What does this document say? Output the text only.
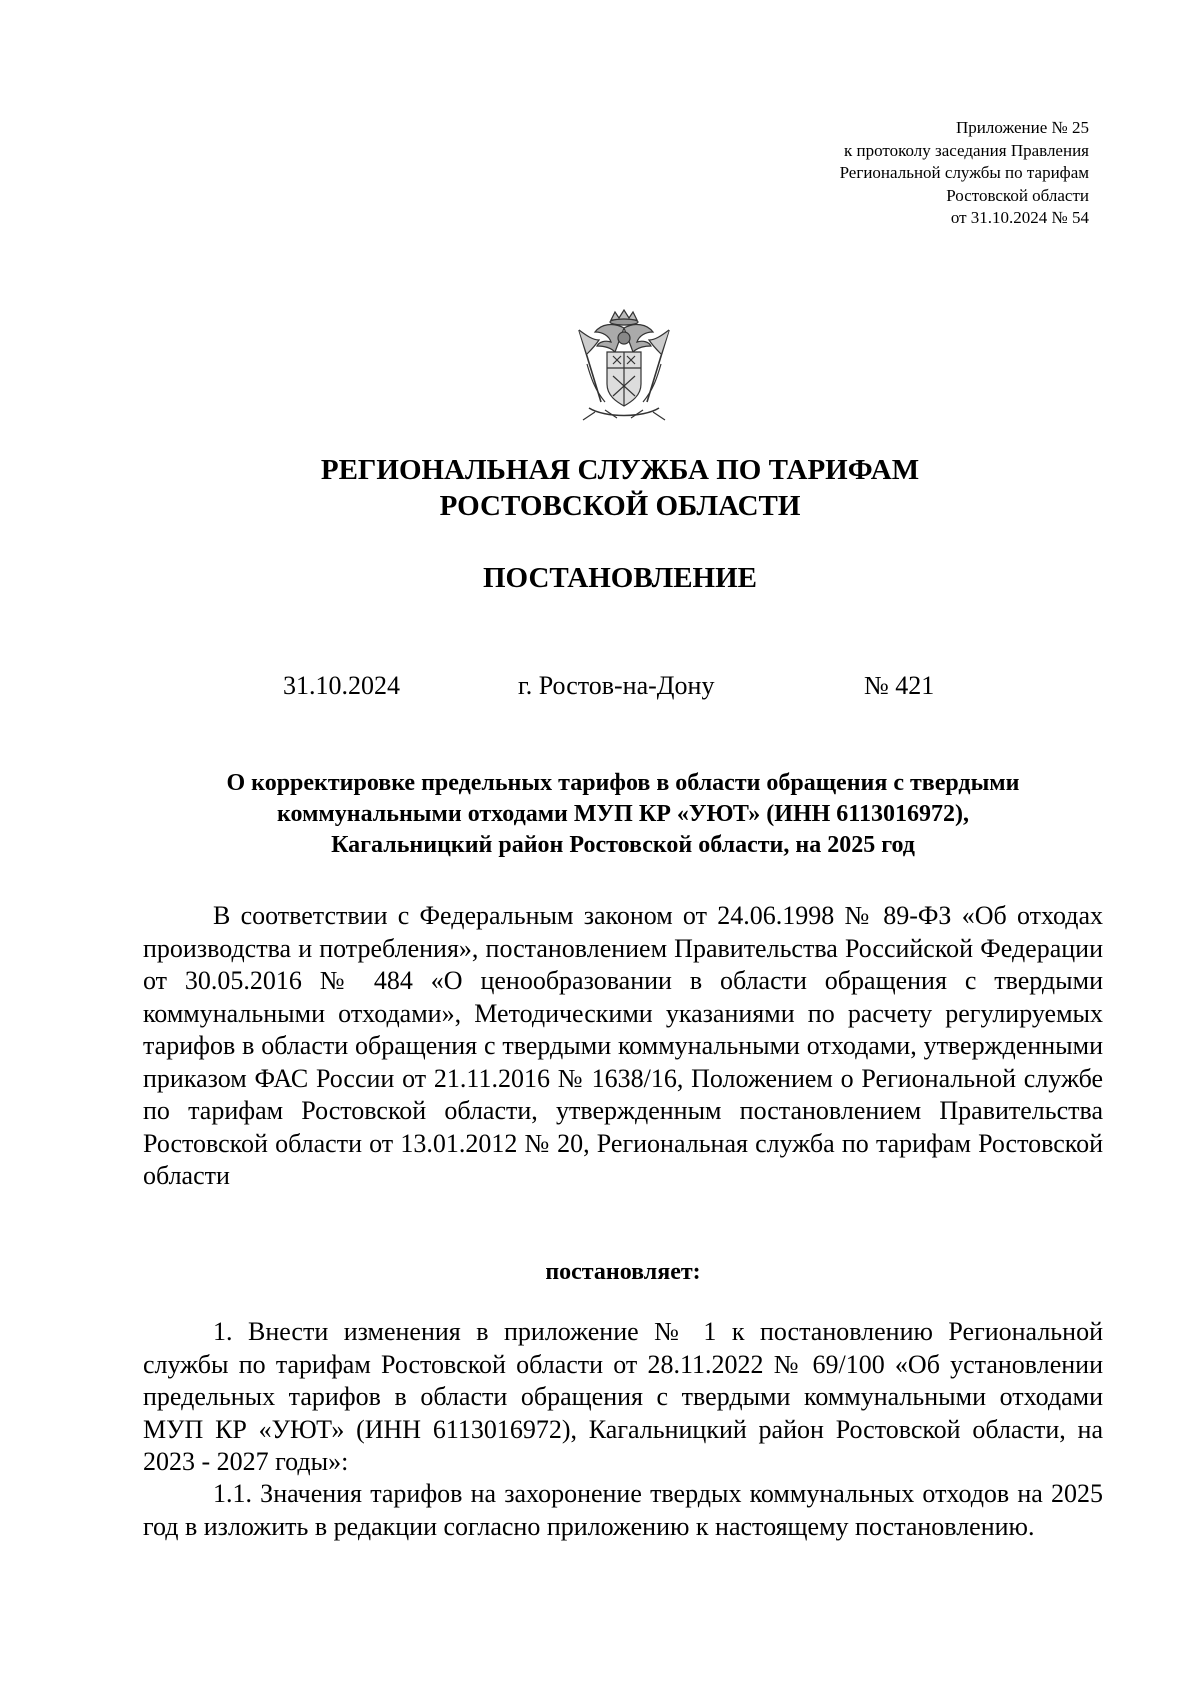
Приложение № 25
к протоколу заседания Правления
Региональной службы по тарифам
Ростовской области
от 31.10.2024 № 54
РЕГИОНАЛЬНАЯ СЛУЖБА ПО ТАРИФАМ
РОСТОВСКОЙ ОБЛАСТИ
ПОСТАНОВЛЕНИЕ
31.10.2024	г. Ростов-на-Дону	№ 421
О корректировке предельных тарифов в области обращения с твердыми
коммунальными отходами МУП КР «УЮТ» (ИНН 6113016972),
Кагальницкий район Ростовской области, на 2025 год

В соответствии с Федеральным законом от 24.06.1998 № 89-ФЗ «Об отходах производства и потребления», постановлением Правительства Российской Федерации от 30.05.2016 № 484 «О ценообразовании в области обращения с твердыми коммунальными отходами», Методическими указаниями по расчету регулируемых тарифов в области обращения с твердыми коммунальными отходами, утвержденными приказом ФАС России от 21.11.2016 № 1638/16, Положением о Региональной службе по тарифам Ростовской области, утвержденным постановлением Правительства Ростовской области от 13.01.2012 № 20, Региональная служба по тарифам Ростовской области

постановляет:

1. Внести изменения в приложение № 1 к постановлению Региональной службы по тарифам Ростовской области от 28.11.2022 № 69/100 «Об установлении предельных тарифов в области обращения с твердыми коммунальными отходами МУП КР «УЮТ» (ИНН 6113016972), Кагальницкий район Ростовской области, на 2023 - 2027 годы»:

1.1. Значения тарифов на захоронение твердых коммунальных отходов на 2025 год в изложить в редакции согласно приложению к настоящему постановлению.
